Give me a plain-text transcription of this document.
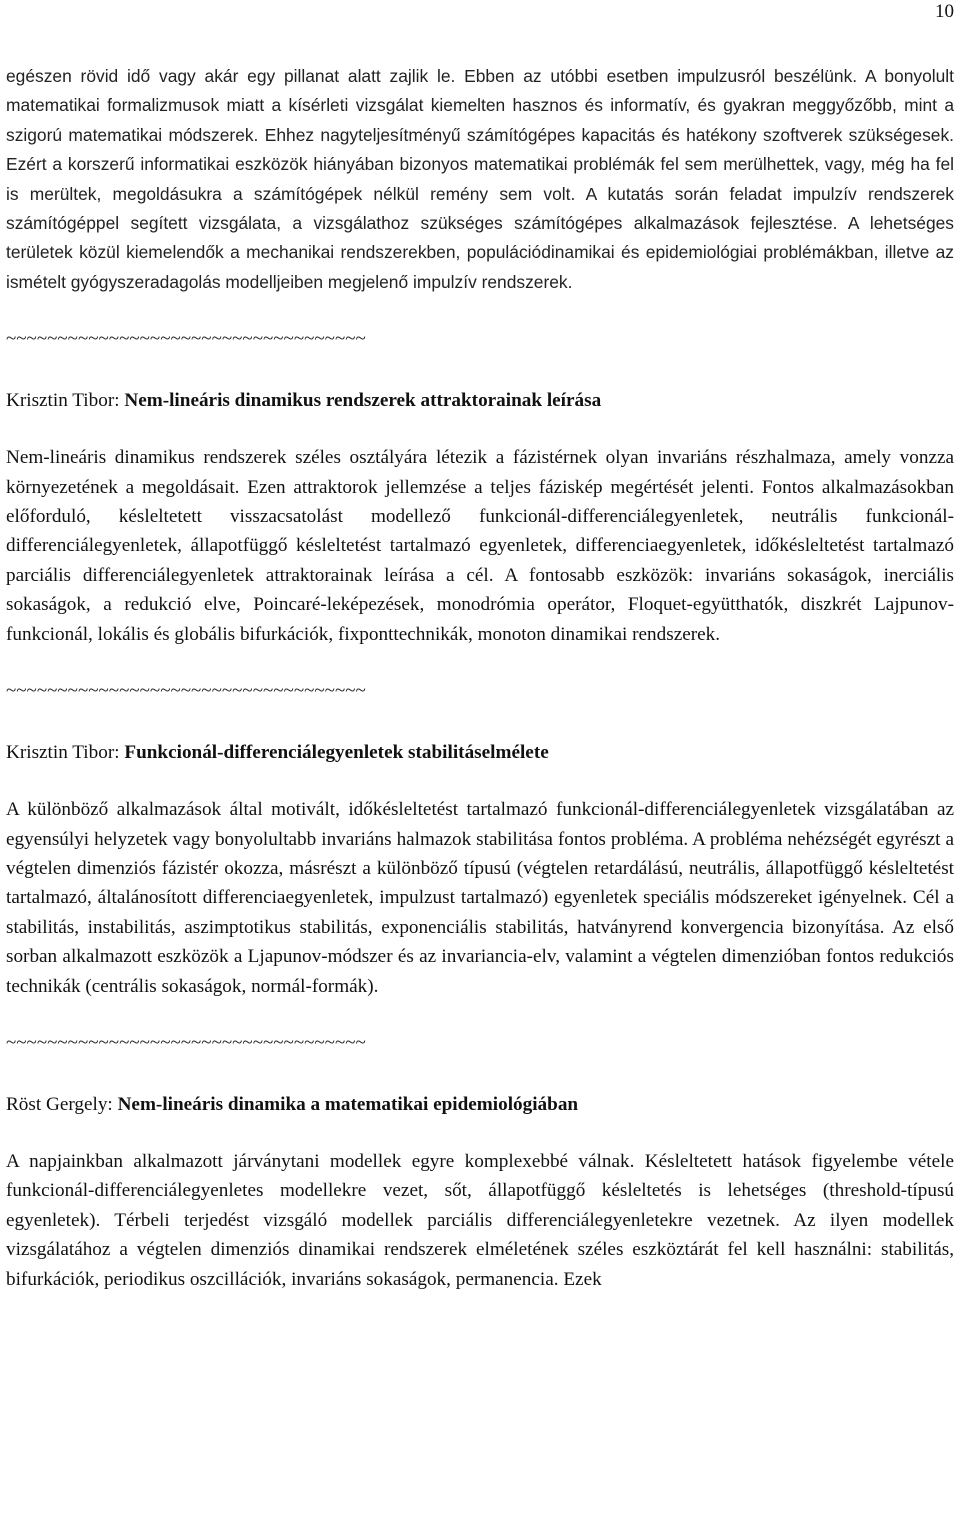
10

egészen rövid idő vagy akár egy pillanat alatt zajlik le. Ebben az utóbbi esetben impulzusról beszélünk. A bonyolult matematikai formalizmusok miatt a kísérleti vizsgálat kiemelten hasznos és informatív, és gyakran meggyőzőbb, mint a szigorú matematikai módszerek. Ehhez nagyteljesítményű számítógépes kapacitás és hatékony szoftverek szükségesek. Ezért a korszerű informatikai eszközök hiányában bizonyos matematikai problémák fel sem merülhettek, vagy, még ha fel is merültek, megoldásukra a számítógépek nélkül remény sem volt. A kutatás során feladat impulzív rendszerek számítógéppel segített vizsgálata, a vizsgálathoz szükséges számítógépes alkalmazások fejlesztése. A lehetséges területek közül kiemelendők a mechanikai rendszerekben, populációdinamikai és epidemiológiai problémákban, illetve az ismételt gyógyszeradagolás modelljeiben megjelenő impulzív rendszerek.

~~~~~~~~~~~~~~~~~~~~~~~~~~~~~~~~~~~
Krisztin Tibor: Nem-lineáris dinamikus rendszerek attraktorainak leírása

Nem-lineáris dinamikus rendszerek széles osztályára létezik a fázistérnek olyan invariáns részhalmaza, amely vonzza környezetének a megoldásait. Ezen attraktorok jellemzése a teljes fáziskép megértését jelenti. Fontos alkalmazásokban előforduló, késleltetett visszacsatolást modellező funkcionál-differenciálegyenletek, neutrális funkcionál-differenciálegyenletek, állapotfüggő késleltetést tartalmazó egyenletek, differenciaegyenletek, időkésleltetést tartalmazó parciális differenciálegyenletek attraktorainak leírása a cél. A fontosabb eszközök: invariáns sokaságok, inerciális sokaságok, a redukció elve, Poincaré-leképezések, monodrómia operátor, Floquet-együtthatók, diszkrét Lajpunov-funkcionál, lokális és globális bifurkációk, fixponttechnikák, monoton dinamikai rendszerek.

~~~~~~~~~~~~~~~~~~~~~~~~~~~~~~~~~~~
Krisztin Tibor: Funkcionál-differenciálegyenletek stabilitáselmélete

A különböző alkalmazások által motivált, időkésleltetést tartalmazó funkcionál-differenciálegyenletek vizsgálatában az egyensúlyi helyzetek vagy bonyolultabb invariáns halmazok stabilitása fontos probléma. A probléma nehézségét egyrészt a végtelen dimenziós fázistér okozza, másrészt a különböző típusú (végtelen retardálású, neutrális, állapotfüggő késleltetést tartalmazó, általánosított differenciaegyenletek, impulzust tartalmazó) egyenletek speciális módszereket igényelnek. Cél a stabilitás, instabilitás, aszimptotikus stabilitás, exponenciális stabilitás, hatványrend konvergencia bizonyítása. Az első sorban alkalmazott eszközök a Ljapunov-módszer és az invariancia-elv, valamint a végtelen dimenzióban fontos redukciós technikák (centrális sokaságok, normál-formák).

~~~~~~~~~~~~~~~~~~~~~~~~~~~~~~~~~~~
Röst Gergely: Nem-lineáris dinamika a matematikai epidemiológiában

A napjainkban alkalmazott járványtani modellek egyre komplexebbé válnak. Késleltetett hatások figyelembe vétele funkcionál-differenciálegyenletes modellekre vezet, sőt, állapotfüggő késleltetés is lehetséges (threshold-típusú egyenletek). Térbeli terjedést vizsgáló modellek parciális differenciálegyenletekre vezetnek. Az ilyen modellek vizsgálatához a végtelen dimenziós dinamikai rendszerek elméletének széles eszköztárát fel kell használni: stabilitás, bifurkációk, periodikus oszcillációk, invariáns sokaságok, permanencia. Ezek
